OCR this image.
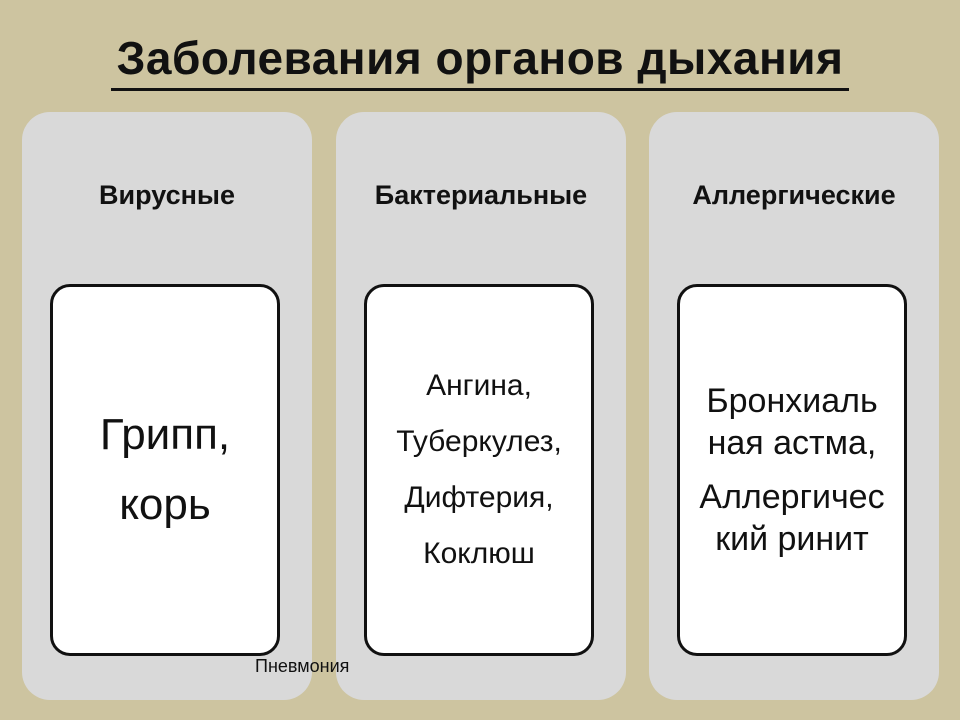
Заболевания органов дыхания
Вирусные
Грипп,
корь
Бактериальные
Ангина,
Туберкулез,
Дифтерия,
Коклюш
Аллергические
Бронхиаль
ная астма,
Аллергичес
кий ринит
Пневмония
